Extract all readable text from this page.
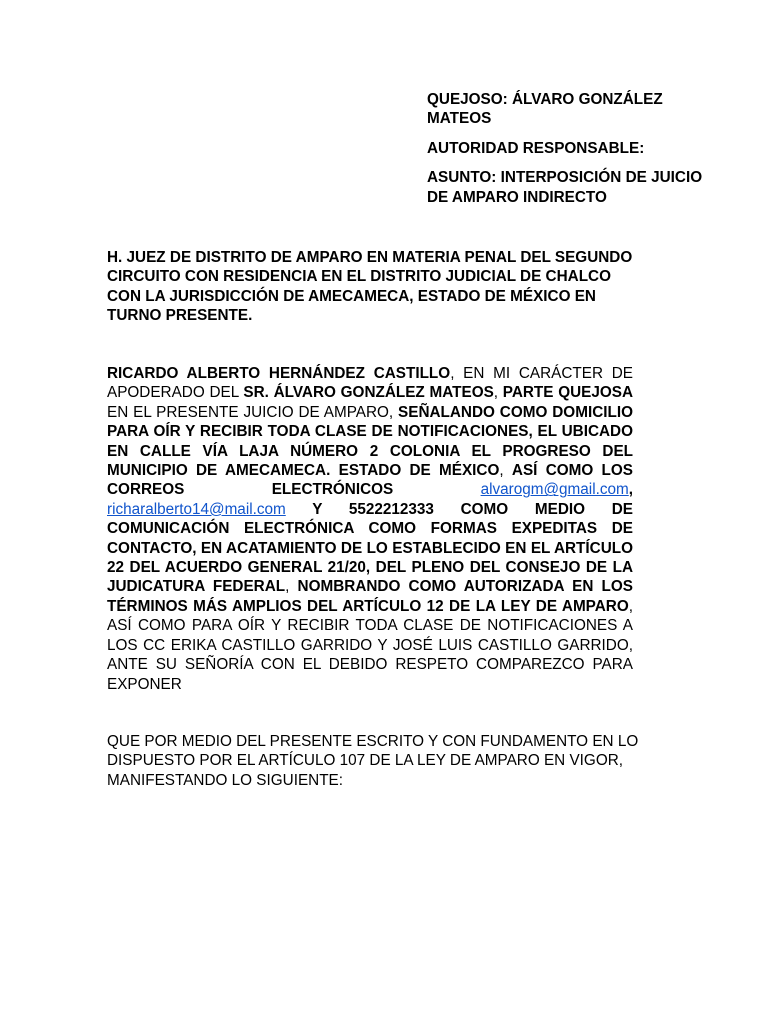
QUEJOSO: ÁLVARO GONZÁLEZ MATEOS

AUTORIDAD RESPONSABLE:

ASUNTO: INTERPOSICIÓN DE JUICIO DE AMPARO INDIRECTO

H. JUEZ DE DISTRITO DE AMPARO EN MATERIA PENAL DEL SEGUNDO CIRCUITO CON RESIDENCIA EN EL DISTRITO JUDICIAL DE CHALCO CON LA JURISDICCIÓN DE AMECAMECA, ESTADO DE MÉXICO EN TURNO PRESENTE.

RICARDO ALBERTO HERNÁNDEZ CASTILLO, EN MI CARÁCTER DE APODERADO DEL SR. ÁLVARO GONZÁLEZ MATEOS, PARTE QUEJOSA EN EL PRESENTE JUICIO DE AMPARO, SEÑALANDO COMO DOMICILIO PARA OÍR Y RECIBIR TODA CLASE DE NOTIFICACIONES, EL UBICADO EN CALLE VÍA LAJA NÚMERO 2 COLONIA EL PROGRESO DEL MUNICIPIO DE AMECAMECA. ESTADO DE MÉXICO, ASÍ COMO LOS CORREOS ELECTRÓNICOS alvarogm@gmail.com, richaralberto14@mail.com Y 5522212333 COMO MEDIO DE COMUNICACIÓN ELECTRÓNICA COMO FORMAS EXPEDITAS DE CONTACTO, EN ACATAMIENTO DE LO ESTABLECIDO EN EL ARTÍCULO 22 DEL ACUERDO GENERAL 21/20, DEL PLENO DEL CONSEJO DE LA JUDICATURA FEDERAL, NOMBRANDO COMO AUTORIZADA EN LOS TÉRMINOS MÁS AMPLIOS DEL ARTÍCULO 12 DE LA LEY DE AMPARO, ASÍ COMO PARA OÍR Y RECIBIR TODA CLASE DE NOTIFICACIONES A LOS CC ERIKA CASTILLO GARRIDO Y JOSÉ LUIS CASTILLO GARRIDO, ANTE SU SEÑORÍA CON EL DEBIDO RESPETO COMPAREZCO PARA EXPONER

QUE POR MEDIO DEL PRESENTE ESCRITO Y CON FUNDAMENTO EN LO DISPUESTO POR EL ARTÍCULO 107 DE LA LEY DE AMPARO EN VIGOR, MANIFESTANDO LO SIGUIENTE:
